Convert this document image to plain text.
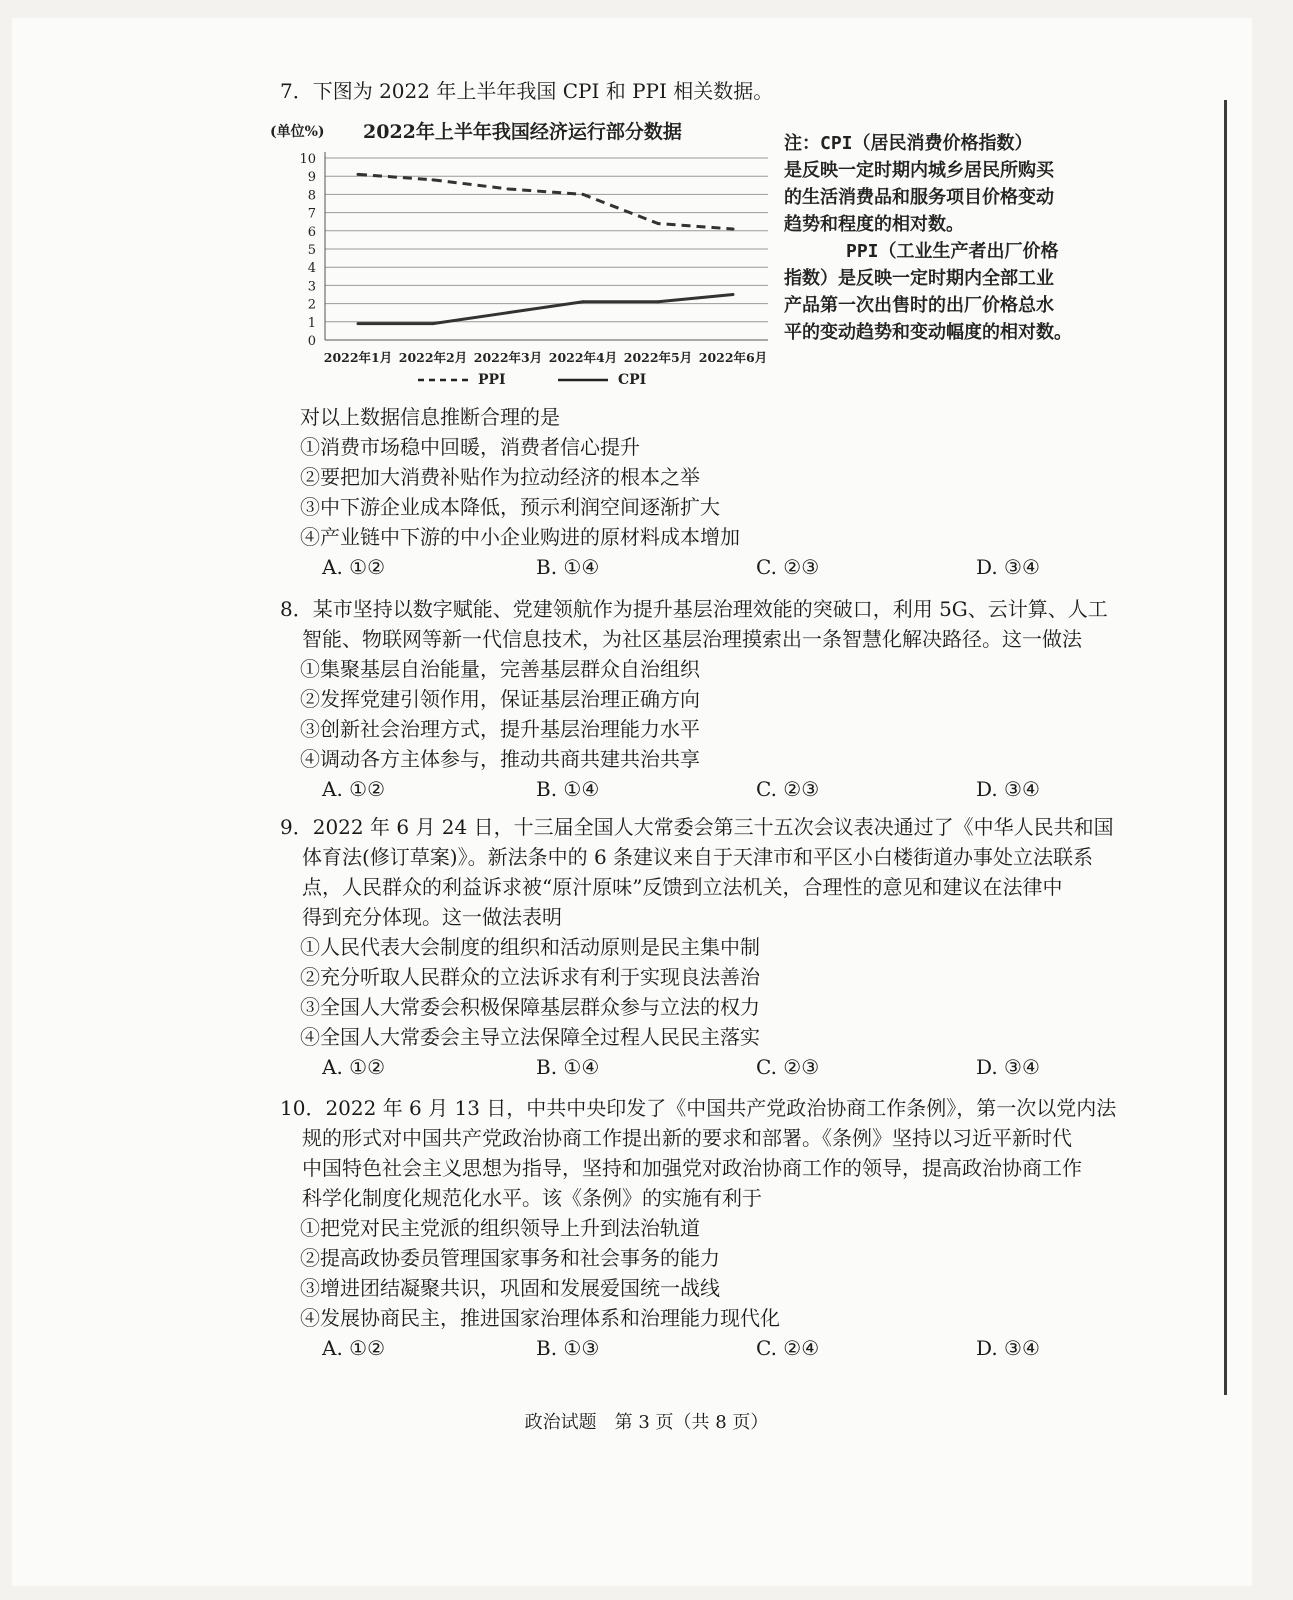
7．下图为 2022 年上半年我国 CPI 和 PPI 相关数据。
(单位%) 2022年上半年我国经济运行部分数据
0
1
2
3
4
5
6
7
8
9
10
2022年1月 2022年2月 2022年3月 2022年4月 2022年5月 2022年6月
PPI	CPI

注：CPI（居民消费价格指数）

是反映一定时期内城乡居民所购买

的生活消费品和服务项目价格变动

趋势和程度的相对数。

PPI（工业生产者出厂价格

指数）是反映一定时期内全部工业

产品第一次出售时的出厂价格总水

平的变动趋势和变动幅度的相对数。

对以上数据信息推断合理的是
①消费市场稳中回暖，消费者信心提升
②要把加大消费补贴作为拉动经济的根本之举
③中下游企业成本降低，预示利润空间逐渐扩大
④产业链中下游的中小企业购进的原材料成本增加
A. ①②	B. ①④	C. ②③	D. ③④
8．某市坚持以数字赋能、党建领航作为提升基层治理效能的突破口，利用 5G、云计算、人工
智能、物联网等新一代信息技术，为社区基层治理摸索出一条智慧化解决路径。这一做法
①集聚基层自治能量，完善基层群众自治组织
②发挥党建引领作用，保证基层治理正确方向
③创新社会治理方式，提升基层治理能力水平
④调动各方主体参与，推动共商共建共治共享
A. ①②	B. ①④	C. ②③	D. ③④
9．2022 年 6 月 24 日，十三届全国人大常委会第三十五次会议表决通过了《中华人民共和国
体育法(修订草案)》。新法条中的 6 条建议来自于天津市和平区小白楼街道办事处立法联系
点，人民群众的利益诉求被“原汁原味”反馈到立法机关，合理性的意见和建议在法律中
得到充分体现。这一做法表明
①人民代表大会制度的组织和活动原则是民主集中制
②充分听取人民群众的立法诉求有利于实现良法善治
③全国人大常委会积极保障基层群众参与立法的权力
④全国人大常委会主导立法保障全过程人民民主落实
A. ①②	B. ①④	C. ②③	D. ③④
10．2022 年 6 月 13 日，中共中央印发了《中国共产党政治协商工作条例》，第一次以党内法
规的形式对中国共产党政治协商工作提出新的要求和部署。《条例》坚持以习近平新时代
中国特色社会主义思想为指导，坚持和加强党对政治协商工作的领导，提高政治协商工作
科学化制度化规范化水平。该《条例》的实施有利于
①把党对民主党派的组织领导上升到法治轨道
②提高政协委员管理国家事务和社会事务的能力
③增进团结凝聚共识，巩固和发展爱国统一战线
④发展协商民主，推进国家治理体系和治理能力现代化
A. ①②	B. ①③	C. ②④	D. ③④
政治试题　第 3 页（共 8 页）
